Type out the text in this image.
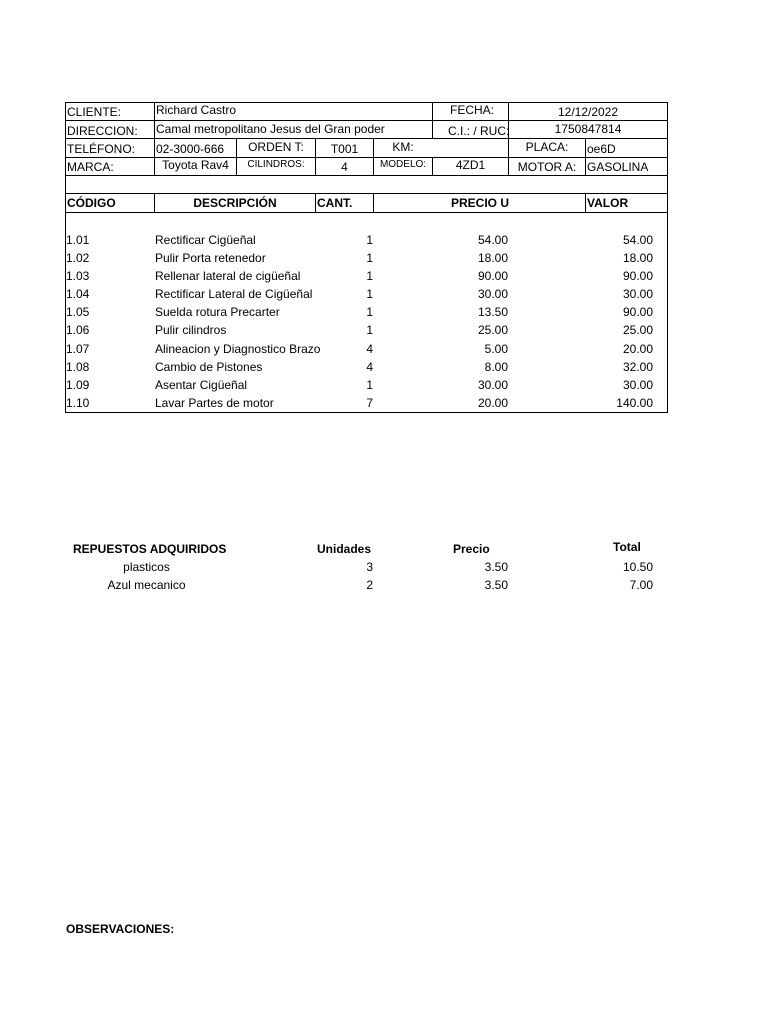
CLIENTE:	Richard Castro	FECHA:	12/12/2022
DIRECCION: Camal metropolitano Jesus del Gran poder	C.I.: / RUC:	1750847814
TELÉFONO: 02-3000-666	ORDEN T:	T001	KM:	PLACA:	oe6D
MARCA:	Toyota Rav4	CILINDROS:	4	MODELO:	4ZD1	MOTOR A: GASOLINA
CÓDIGO	DESCRIPCIÓN	CANT.	PRECIO U	VALOR
1.01	Rectificar Cigüeñal	1	54.00	54.00
1.02	Pulir Porta retenedor	1	18.00	18.00
1.03	Rellenar lateral de cigüeñal	1	90.00	90.00
1.04	Rectificar Lateral de Cigüeñal	1	30.00	30.00
1.05	Suelda rotura Precarter	1	13.50	90.00
1.06	Pulir cilindros	1	25.00	25.00
1.07	Alineacion y Diagnostico Brazo	4	5.00	20.00
1.08	Cambio de Pistones	4	8.00	32.00
1.09	Asentar Cigüeñal	1	30.00	30.00
1.10	Lavar Partes de motor	7	20.00	140.00
REPUESTOS ADQUIRIDOS	Unidades	Precio	Total
plasticos	3	3.50	10.50
Azul mecanico	2	3.50	7.00
OBSERVACIONES:
